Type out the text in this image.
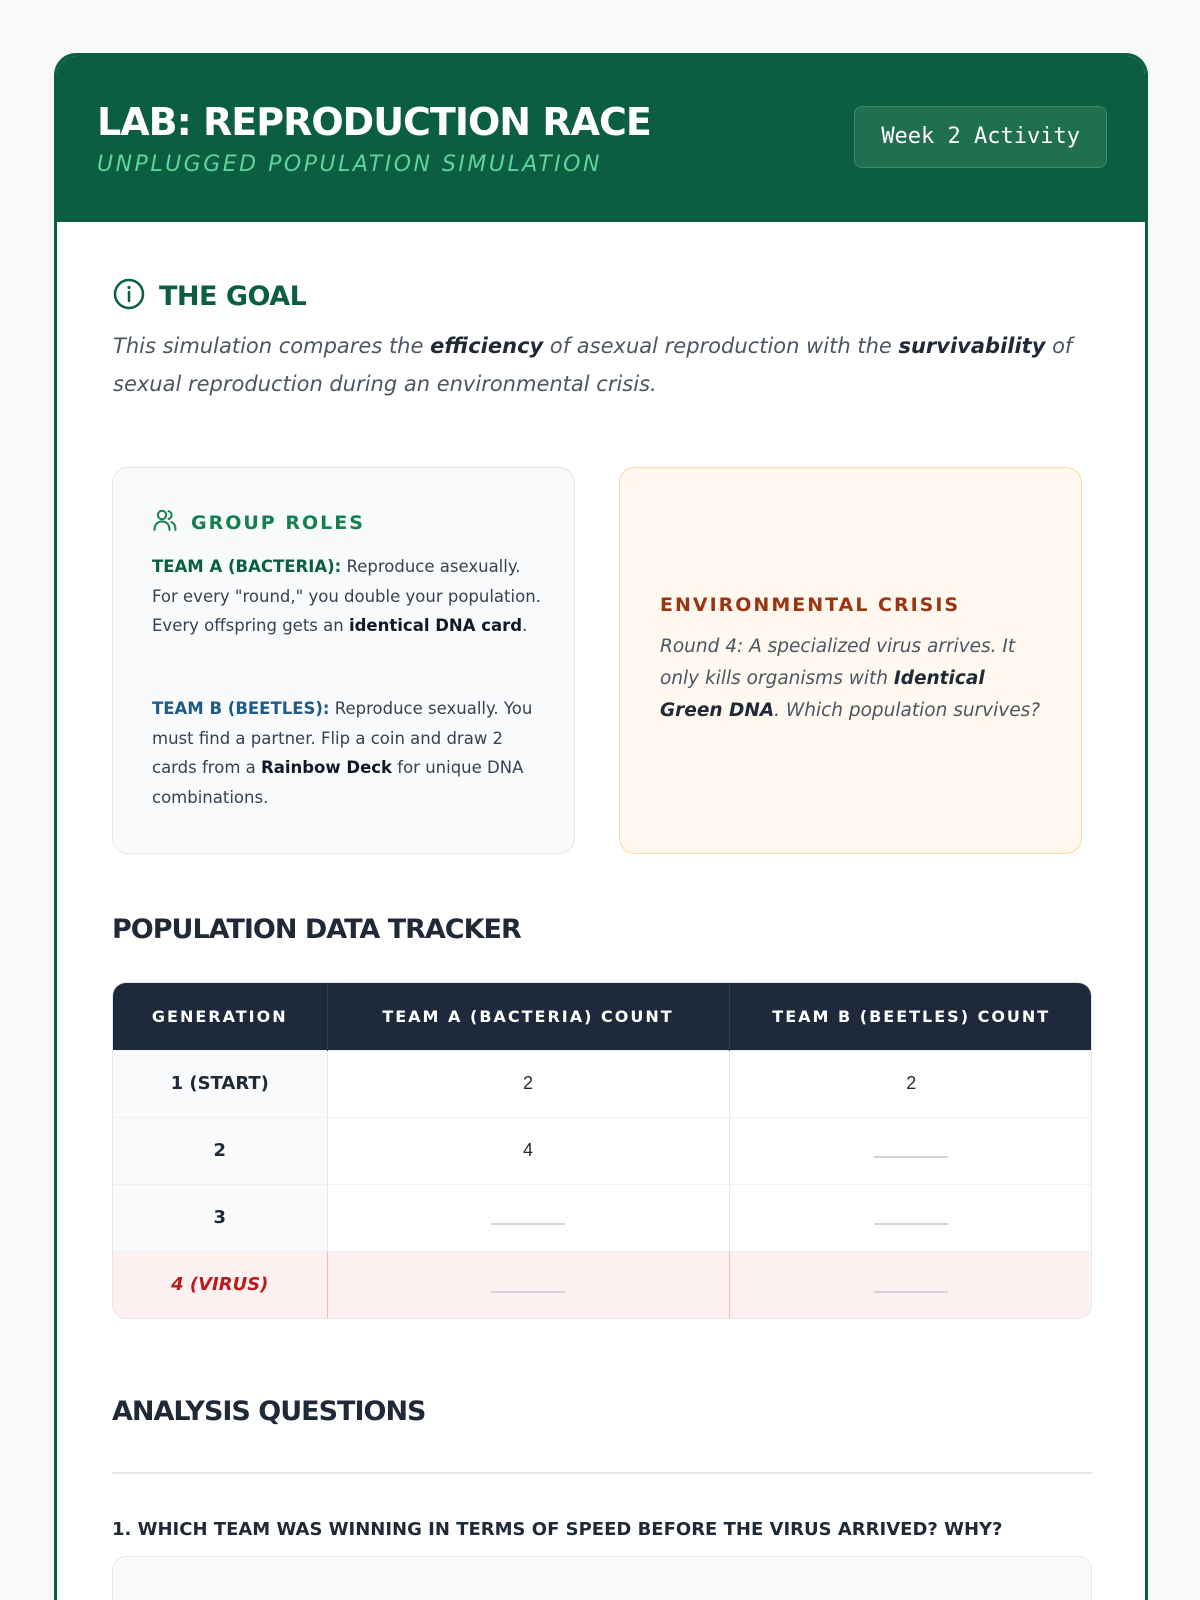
LAB: REPRODUCTION RACE
UNPLUGGED POPULATION SIMULATION
Week 2 Activity
THE GOAL

This simulation compares the efficiency of asexual reproduction with the survivability of sexual reproduction during an environmental crisis.

GROUP ROLES

TEAM A (BACTERIA): Reproduce asexually. For every "round," you double your population. Every offspring gets an identical DNA card.

TEAM B (BEETLES): Reproduce sexually. You must find a partner. Flip a coin and draw 2 cards from a Rainbow Deck for unique DNA combinations.

ENVIRONMENTAL CRISIS

Round 4: A specialized virus arrives. It only kills organisms with Identical Green DNA. Which population survives?

POPULATION DATA TRACKER
GENERATION	TEAM A (BACTERIA) COUNT	TEAM B (BEETLES) COUNT
1 (START)	2	2
2	4	
3		
4 (VIRUS)		
ANALYSIS QUESTIONS
1. WHICH TEAM WAS WINNING IN TERMS OF SPEED BEFORE THE VIRUS ARRIVED? WHY?
